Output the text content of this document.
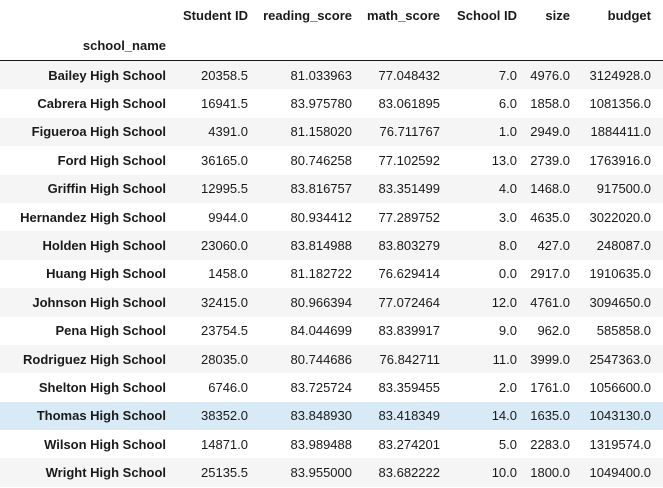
	Student ID	reading_score	math_score	School ID	size	budget
school_name						
Bailey High School	20358.5	81.033963	77.048432	7.0	4976.0	3124928.0
Cabrera High School	16941.5	83.975780	83.061895	6.0	1858.0	1081356.0
Figueroa High School	4391.0	81.158020	76.711767	1.0	2949.0	1884411.0
Ford High School	36165.0	80.746258	77.102592	13.0	2739.0	1763916.0
Griffin High School	12995.5	83.816757	83.351499	4.0	1468.0	917500.0
Hernandez High School	9944.0	80.934412	77.289752	3.0	4635.0	3022020.0
Holden High School	23060.0	83.814988	83.803279	8.0	427.0	248087.0
Huang High School	1458.0	81.182722	76.629414	0.0	2917.0	1910635.0
Johnson High School	32415.0	80.966394	77.072464	12.0	4761.0	3094650.0
Pena High School	23754.5	84.044699	83.839917	9.0	962.0	585858.0
Rodriguez High School	28035.0	80.744686	76.842711	11.0	3999.0	2547363.0
Shelton High School	6746.0	83.725724	83.359455	2.0	1761.0	1056600.0
Thomas High School	38352.0	83.848930	83.418349	14.0	1635.0	1043130.0
Wilson High School	14871.0	83.989488	83.274201	5.0	2283.0	1319574.0
Wright High School	25135.5	83.955000	83.682222	10.0	1800.0	1049400.0
